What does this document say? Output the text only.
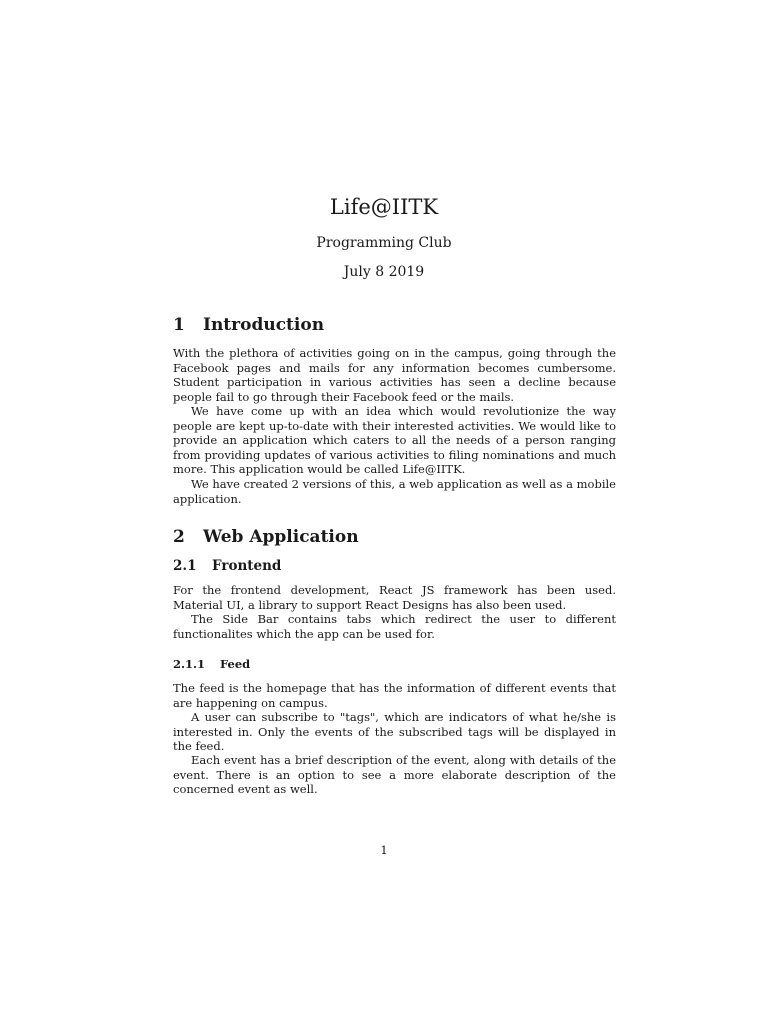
Life@IITK
Programming Club
July 8 2019
1 Introduction

With the plethora of activities going on in the campus, going through the Facebook pages and mails for any information becomes cumbersome. Student participation in various activities has seen a decline because people fail to go through their Facebook feed or the mails.

We have come up with an idea which would revolutionize the way people are kept up-to-date with their interested activities. We would like to provide an application which caters to all the needs of a person ranging from providing updates of various activities to filing nominations and much more. This application would be called Life@IITK.

We have created 2 versions of this, a web application as well as a mobile application.

2 Web Application
2.1 Frontend

For the frontend development, React JS framework has been used. Material UI, a library to support React Designs has also been used.

The Side Bar contains tabs which redirect the user to different functionalites which the app can be used for.

2.1.1 Feed

The feed is the homepage that has the information of different events that are happening on campus.

A user can subscribe to "tags", which are indicators of what he/she is interested in. Only the events of the subscribed tags will be displayed in the feed.

Each event has a brief description of the event, along with details of the event. There is an option to see a more elaborate description of the concerned event as well.

1
